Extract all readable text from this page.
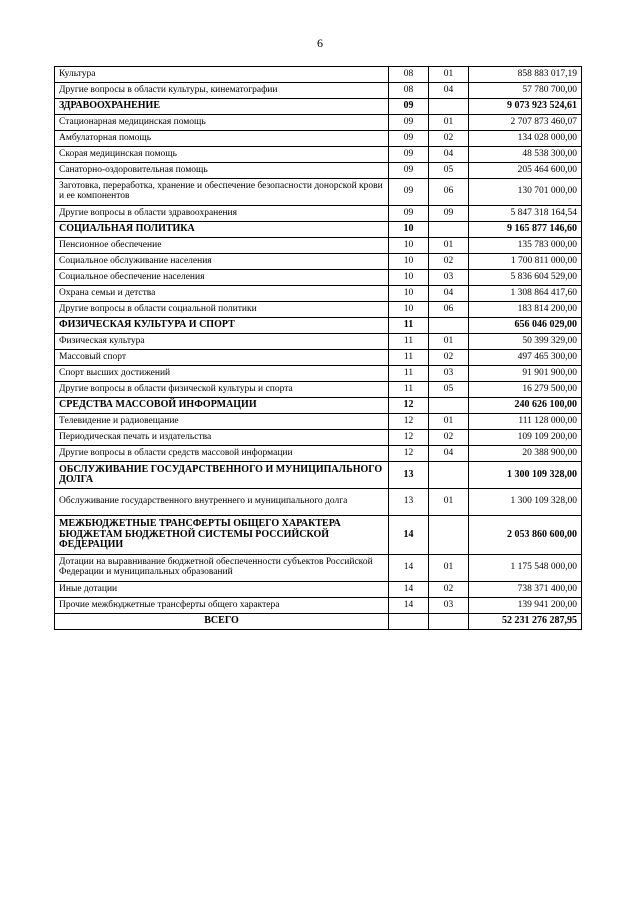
6
Культура	08	01	858 883 017,19
Другие вопросы в области культуры, кинематографии	08	04	57 780 700,00
ЗДРАВООХРАНЕНИЕ	09		9 073 923 524,61
Стационарная медицинская помощь	09	01	2 707 873 460,07
Амбулаторная помощь	09	02	134 028 000,00
Скорая медицинская помощь	09	04	48 538 300,00
Санаторно-оздоровительная помощь	09	05	205 464 600,00
Заготовка, переработка, хранение и обеспечение безопасности донорской крови и ее компонентов	09	06	130 701 000,00
Другие вопросы в области здравоохранения	09	09	5 847 318 164,54
СОЦИАЛЬНАЯ ПОЛИТИКА	10		9 165 877 146,60
Пенсионное обеспечение	10	01	135 783 000,00
Социальное обслуживание населения	10	02	1 700 811 000,00
Социальное обеспечение населения	10	03	5 836 604 529,00
Охрана семьи и детства	10	04	1 308 864 417,60
Другие вопросы в области социальной политики	10	06	183 814 200,00
ФИЗИЧЕСКАЯ КУЛЬТУРА И СПОРТ	11		656 046 029,00
Физическая культура	11	01	50 399 329,00
Массовый спорт	11	02	497 465 300,00
Спорт высших достижений	11	03	91 901 900,00
Другие вопросы в области физической культуры и спорта	11	05	16 279 500,00
СРЕДСТВА МАССОВОЙ ИНФОРМАЦИИ	12		240 626 100,00
Телевидение и радиовещание	12	01	111 128 000,00
Периодическая печать и издательства	12	02	109 109 200,00
Другие вопросы в области средств массовой информации	12	04	20 388 900,00
ОБСЛУЖИВАНИЕ ГОСУДАРСТВЕННОГО И МУНИЦИПАЛЬНОГО ДОЛГА	13		1 300 109 328,00
Обслуживание государственного внутреннего и муниципального долга	13	01	1 300 109 328,00
МЕЖБЮДЖЕТНЫЕ ТРАНСФЕРТЫ ОБЩЕГО ХАРАКТЕРА БЮДЖЕТАМ БЮДЖЕТНОЙ СИСТЕМЫ РОССИЙСКОЙ ФЕДЕРАЦИИ	14		2 053 860 600,00
Дотации на выравнивание бюджетной обеспеченности субъектов Российской Федерации и муниципальных образований	14	01	1 175 548 000,00
Иные дотации	14	02	738 371 400,00
Прочие межбюджетные трансферты общего характера	14	03	139 941 200,00
ВСЕГО			52 231 276 287,95
